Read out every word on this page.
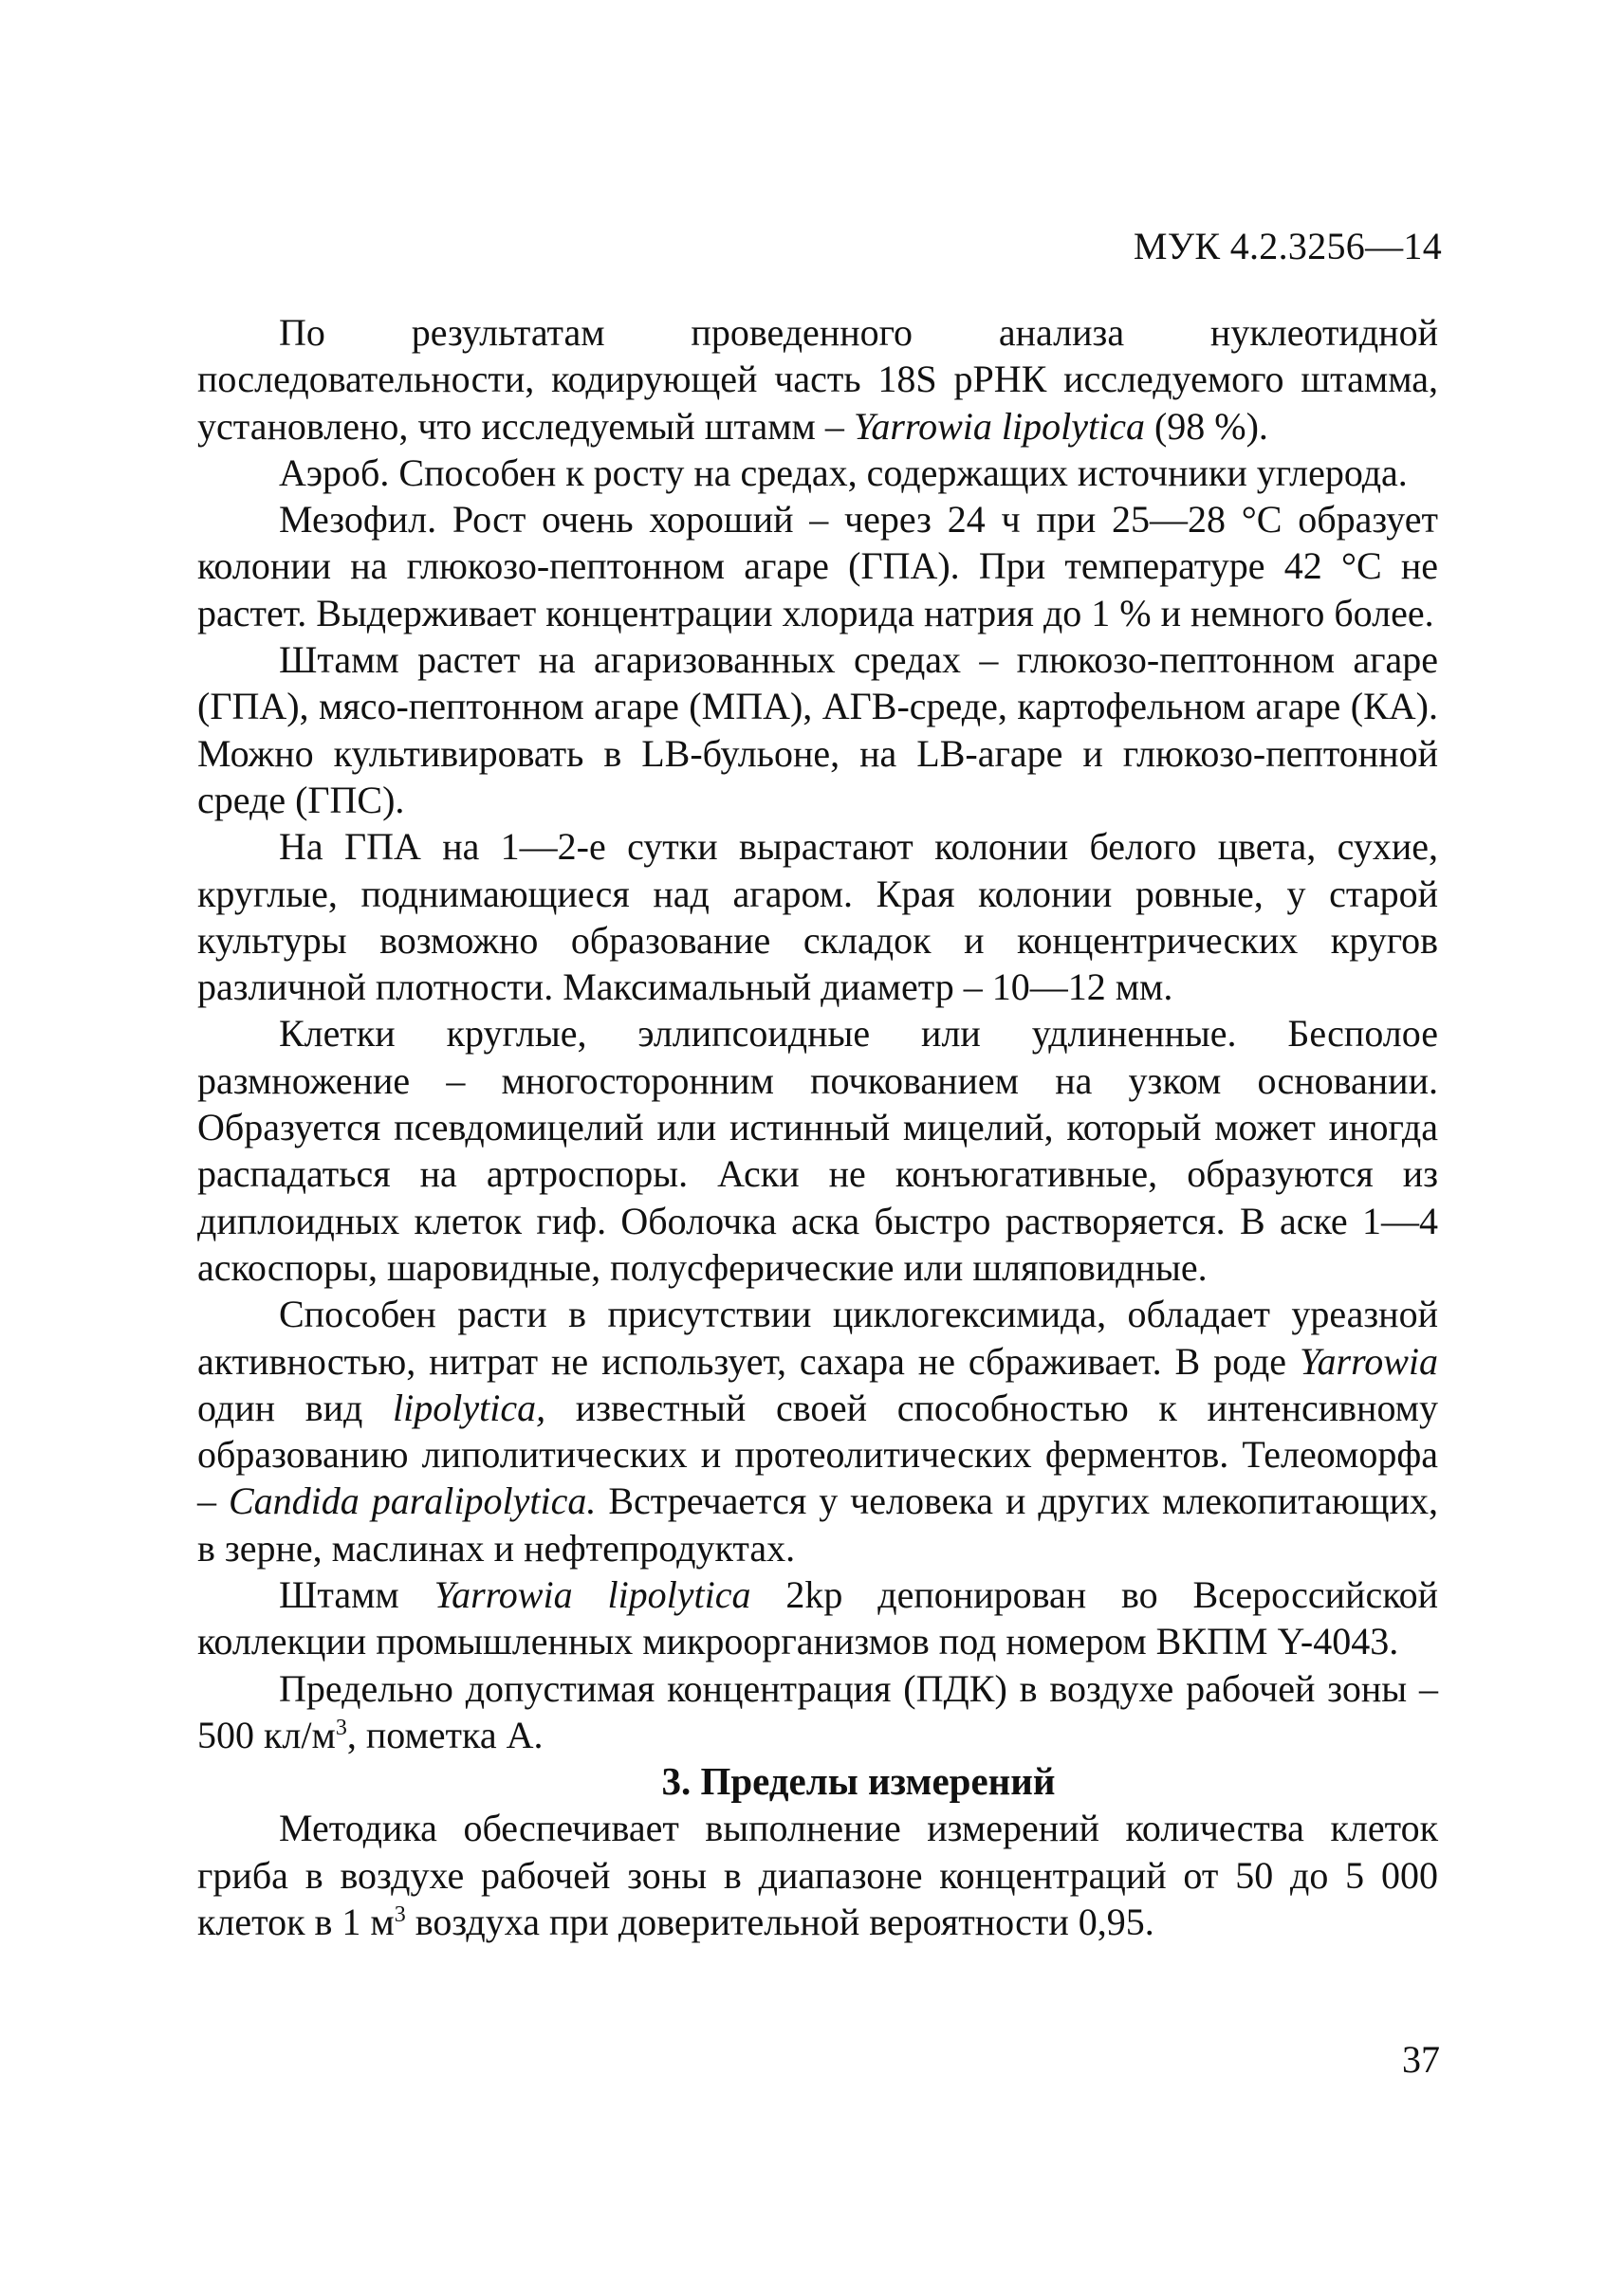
МУК 4.2.3256—14

По результатам проведенного анализа нуклеотидной последовательности, кодирующей часть 18S рРНК исследуемого штамма, установлено, что исследуемый штамм – Yarrowia lipolytica (98 %).

Аэроб. Способен к росту на средах, содержащих источники углерода.

Мезофил. Рост очень хороший – через 24 ч при 25—28 °С образует колонии на глюкозо-пептонном агаре (ГПА). При температуре 42 °С не растет. Выдерживает концентрации хлорида натрия до 1 % и немного более.

Штамм растет на агаризованных средах – глюкозо-пептонном агаре (ГПА), мясо-пептонном агаре (МПА), АГВ-среде, картофельном агаре (КА). Можно культивировать в LB-бульоне, на LB-агаре и глюкозо-пептонной среде (ГПС).

На ГПА на 1—2-е сутки вырастают колонии белого цвета, сухие, круглые, поднимающиеся над агаром. Края колонии ровные, у старой культуры возможно образование складок и концентрических кругов различной плотности. Максимальный диаметр – 10—12 мм.

Клетки круглые, эллипсоидные или удлиненные. Бесполое размножение – многосторонним почкованием на узком основании. Образуется псевдомицелий или истинный мицелий, который может иногда распадаться на артроспоры. Аски не конъюгативные, образуются из диплоидных клеток гиф. Оболочка аска быстро растворяется. В аске 1—4 аскоспоры, шаровидные, полусферические или шляповидные.

Способен расти в присутствии циклогексимида, обладает уреазной активностью, нитрат не использует, сахара не сбраживает. В роде Yarrowia один вид lipolytica, известный своей способностью к интенсивному образованию липолитических и протеолитических ферментов. Телеоморфа – Candida paralipolytica. Встречается у человека и других млекопитающих, в зерне, маслинах и нефтепродуктах.

Штамм Yarrowia lipolytica 2kp депонирован во Всероссийской коллекции промышленных микроорганизмов под номером ВКПМ Y-4043.

Предельно допустимая концентрация (ПДК) в воздухе рабочей зоны – 500 $кл/м^3$, пометка А.

3. Пределы измерений

Методика обеспечивает выполнение измерений количества клеток гриба в воздухе рабочей зоны в диапазоне концентраций от 50 до 5 000 клеток в 1 $м^3$ воздуха при доверительной вероятности 0,95.

37
